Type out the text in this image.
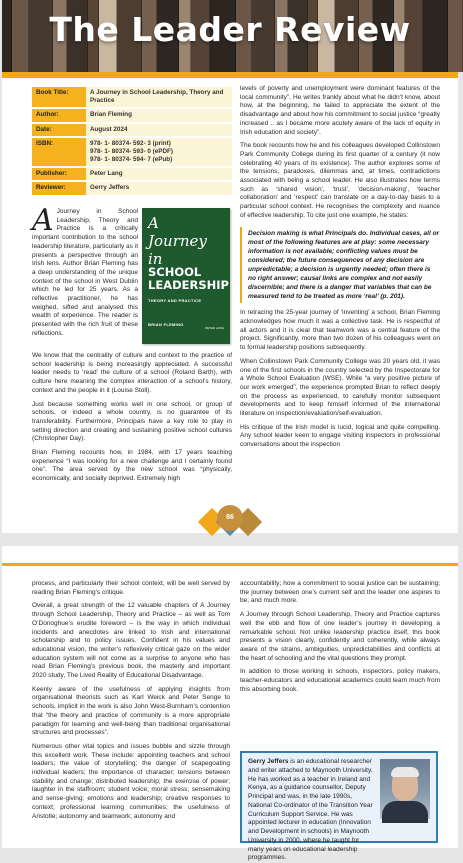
The Leader Review
Book Title:	A Journey in School Leadership, Theory and Practice
Author:	Brian Fleming
Date:	August 2024
ISBN:	978- 1- 80374- 592- 3 (print)
978- 1- 80374- 593- 0 (ePDF)
978- 1- 80374- 594- 7 (ePub)
Publisher:	Peter Lang
Reviewer:	Gerry Jeffers
A Journey in School Leadership, Theory and Practice is a critically important contribution to the school leadership literature, particularly as it presents a perspective through an Irish lens. Author Brian Fleming has a deep understanding of the unique context of the school in West Dublin which he led for 25 years. As a reflective practitioner, he has weighed, sifted and analysed this wealth of experience. The reader is presented with the rich fruit of these reflections.
A
Journey
in
SCHOOL
LEADERSHIP
THEORY AND PRACTICE
BRIAN FLEMING
PETER LANG

We know that the centrality of culture and context to the practice of school leadership is being increasingly appreciated. A successful leader needs to ‘read’ the culture of a school (Roland Barth), with culture here meaning the complex interaction of a school’s history, context and the people in it (Louise Stoll).

Just because something works well in one school, or group of schools, or indeed a whole country, is no guarantee of its transferability. Furthermore, Principals have a key role to play in setting direction and creating and sustaining positive school cultures (Christopher Day).

Brian Fleming recounts how, in 1984, with 17 years teaching experience “I was looking for a new challenge and I certainly found one”. The area served by the new school was “physically, economically, and socially deprived. Extremely high

levels of poverty and unemployment were dominant features of the local community”. He writes frankly about what he didn’t know, about how, at the beginning, he failed to appreciate the extent of the disadvantage and about how his commitment to social justice “greatly increased .. as I became more acutely aware of the lack of equity in Irish education and society”.

The book recounts how he and his colleagues developed Collinstown Park Community College during its first quarter of a century (it now celebrating 40 years of its existence). The author explores some of the tensions, paradoxes, dilemmas and, at times, contradictions associated with being a school leader. He also illustrates how terms such as ‘shared vision’, ‘trust’, ‘decision-making’, ‘teacher collaboration’ and ‘respect’ can translate on a day-to-day basis to a particular school context. He recognises the complexity and nuance of effective leadership. To cite just one example, he states:

Decision making is what Principals do. Individual cases, all or most of the following features are at play: some necessary information is not available; conflicting values must be considered; the future consequences of any decision are unpredictable; a decision is urgently needed; often there is no right answer; causal links are complex and not easily discernible; and there is a danger that variables that can be measured tend to be treated as more ‘real’ (p. 201).

In retracing the 25-year journey of ‘inventing’ a school, Brian Fleming acknowledges how much it was a collective task. He is respectful of all actors and it is clear that teamwork was a central feature of the project. Significantly, more than two dozen of his colleagues went on to formal leadership positions subsequently.

When Collinstown Park Community College was 20 years old, it was one of the first schools in the country selected by the Inspectorate for a Whole School Evaluation (WSE). While “a very positive picture of our work emerged”, the experience prompted Brian to reflect deeply on the process as experienced, to carefully monitor subsequent developments and to keep himself informed of the international literature on inspection/evaluation/self-evaluation.

His critique of the Irish model is lucid, logical and quite compelling. Any school leader keen to engage visiting inspectors in professional conversations about the inspection

86

process, and particularly their school context, will be well served by reading Brian Fleming’s critique.

Overall, a great strength of the 12 valuable chapters of A Journey through School Leadership, Theory and Practice – as well as Tom O’Donoghue’s erudite foreword – is the way in which individual incidents and anecdotes are linked to Irish and international scholarship and to policy issues. Confident in his values and educational vision, the writer’s reflexively critical gaze on the wider education system will not come as a surprise to anyone who has read Brian Fleming’s previous book, the masterly and important 2020 study, The Lived Reality of Educational Disadvantage.

Keenly aware of the usefulness of applying insights from organisational theorists such as Karl Weick and Peter Senge to schools, implicit in the work is also John West-Burnham’s contention that “the theory and practice of community is a more appropriate paradigm for learning and well-being than traditional organisational structures and processes”.

Numerous other vital topics and issues bubble and sizzle through this excellent work. These include: appointing teachers and school leaders; the value of storytelling; the danger of scapegoating individual leaders; the importance of character; tensions between stability and change; distributed leadership; the exercise of power; laughter in the staffroom; student voice; moral stress; sensemaking and sense-giving; emotions and leadership; creative responses to context; professional learning communities; the usefulness of Aristotle; autonomy and teamwork; autonomy and

accountability; how a commitment to social justice can be sustaining; the journey between one’s current self and the leader one aspires to be; and much more.

A Journey through School Leadership, Theory and Practice captures well the ebb and flow of one leader’s journey in developing a remarkable school. Not unlike leadership practice itself, this book presents a vision clearly, confidently and coherently, while always aware of the strains, ambiguities, unpredictabilities and conflicts at the heart of schooling and the vital questions they prompt.

In addition to those working in schools, inspectors, policy makers, teacher-educators and educational academics could learn much from this absorbing book.

Gerry Jeffers is an educational researcher and writer attached to Maynooth University. He has worked as a teacher in Ireland and Kenya, as a guidance counsellor, Deputy Principal and was, in the late 1990s, National Co-ordinator of the Transition Year Curriculum Support Service. He was appointed lecturer in education (Innovation and Development in schools) in Maynooth University in 2000, where he taught for many years on educational leadership programmes.
